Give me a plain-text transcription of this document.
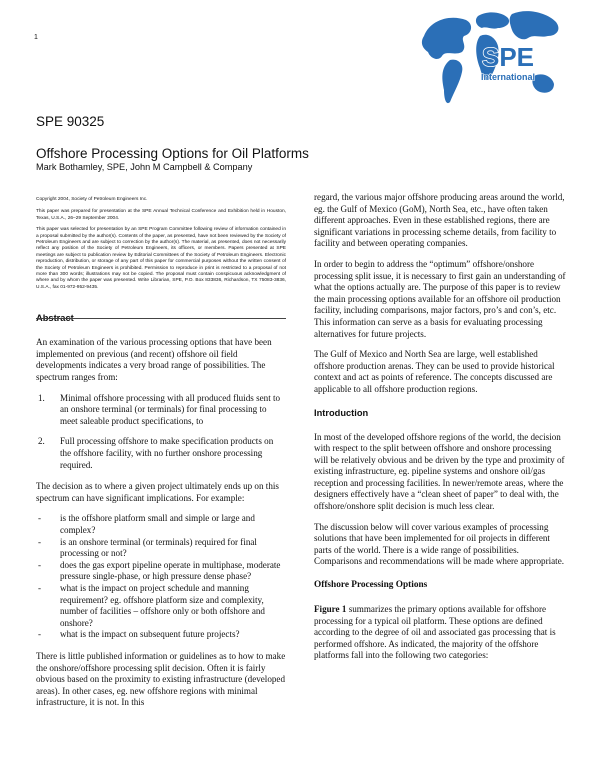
1
SPE
International
SPE 90325
Offshore Processing Options for Oil Platforms
Mark Bothamley, SPE, John M Campbell & Company

Copyright 2004, Society of Petroleum Engineers Inc.

This paper was prepared for presentation at the SPE Annual Technical Conference and Exhibition held in Houston, Texas, U.S.A., 26–29 September 2004.

This paper was selected for presentation by an SPE Program Committee following review of information contained in a proposal submitted by the author(s). Contents of the paper, as presented, have not been reviewed by the Society of Petroleum Engineers and are subject to correction by the author(s). The material, as presented, does not necessarily reflect any position of the Society of Petroleum Engineers, its officers, or members. Papers presented at SPE meetings are subject to publication review by Editorial Committees of the Society of Petroleum Engineers. Electronic reproduction, distribution, or storage of any part of this paper for commercial purposes without the written consent of the Society of Petroleum Engineers is prohibited. Permission to reproduce in print is restricted to a proposal of not more than 300 words; illustrations may not be copied. The proposal must contain conspicuous acknowledgment of where and by whom the paper was presented. Write Librarian, SPE, P.O. Box 833836, Richardson, TX 75083-3836, U.S.A., fax 01-972-952-9435.

Abstract

An examination of the various processing options that have been implemented on previous (and recent) offshore oil field developments indicates a very broad range of possibilities. The spectrum ranges from:

1.	Minimal offshore processing with all produced fluids sent to an onshore terminal (or terminals) for final processing to meet saleable product specifications, to
2.	Full processing offshore to make specification products on the offshore facility, with no further onshore processing required.

The decision as to where a given project ultimately ends up on this spectrum can have significant implications. For example:

-	is the offshore platform small and simple or large and complex?
-	is an onshore terminal (or terminals) required for final processing or not?
-	does the gas export pipeline operate in multiphase, moderate pressure single-phase, or high pressure dense phase?
-	what is the impact on project schedule and manning requirement? eg. offshore platform size and complexity, number of facilities – offshore only or both offshore and onshore?
-	what is the impact on subsequent future projects?

There is little published information or guidelines as to how to make the onshore/offshore processing split decision. Often it is fairly obvious based on the proximity to existing infrastructure (developed areas). In other cases, eg. new offshore regions with minimal infrastructure, it is not. In this

regard, the various major offshore producing areas around the world, eg. the Gulf of Mexico (GoM), North Sea, etc., have often taken different approaches. Even in these established regions, there are significant variations in processing scheme details, from facility to facility and between operating companies.

In order to begin to address the “optimum” offshore/onshore processing split issue, it is necessary to first gain an understanding of what the options actually are. The purpose of this paper is to review the main processing options available for an offshore oil production facility, including comparisons, major factors, pro’s and con’s, etc. This information can serve as a basis for evaluating processing alternatives for future projects.

The Gulf of Mexico and North Sea are large, well established offshore production arenas. They can be used to provide historical context and act as points of reference. The concepts discussed are applicable to all offshore production regions.

Introduction

In most of the developed offshore regions of the world, the decision with respect to the split between offshore and onshore processing will be relatively obvious and be driven by the type and proximity of existing infrastructure, eg. pipeline systems and onshore oil/gas reception and processing facilities. In newer/remote areas, where the designers effectively have a “clean sheet of paper” to deal with, the offshore/onshore split decision is much less clear.

The discussion below will cover various examples of processing solutions that have been implemented for oil projects in different parts of the world. There is a wide range of possibilities. Comparisons and recommendations will be made where appropriate.

Offshore Processing Options

Figure 1 summarizes the primary options available for offshore processing for a typical oil platform. These options are defined according to the degree of oil and associated gas processing that is performed offshore. As indicated, the majority of the offshore platforms fall into the following two categories:
